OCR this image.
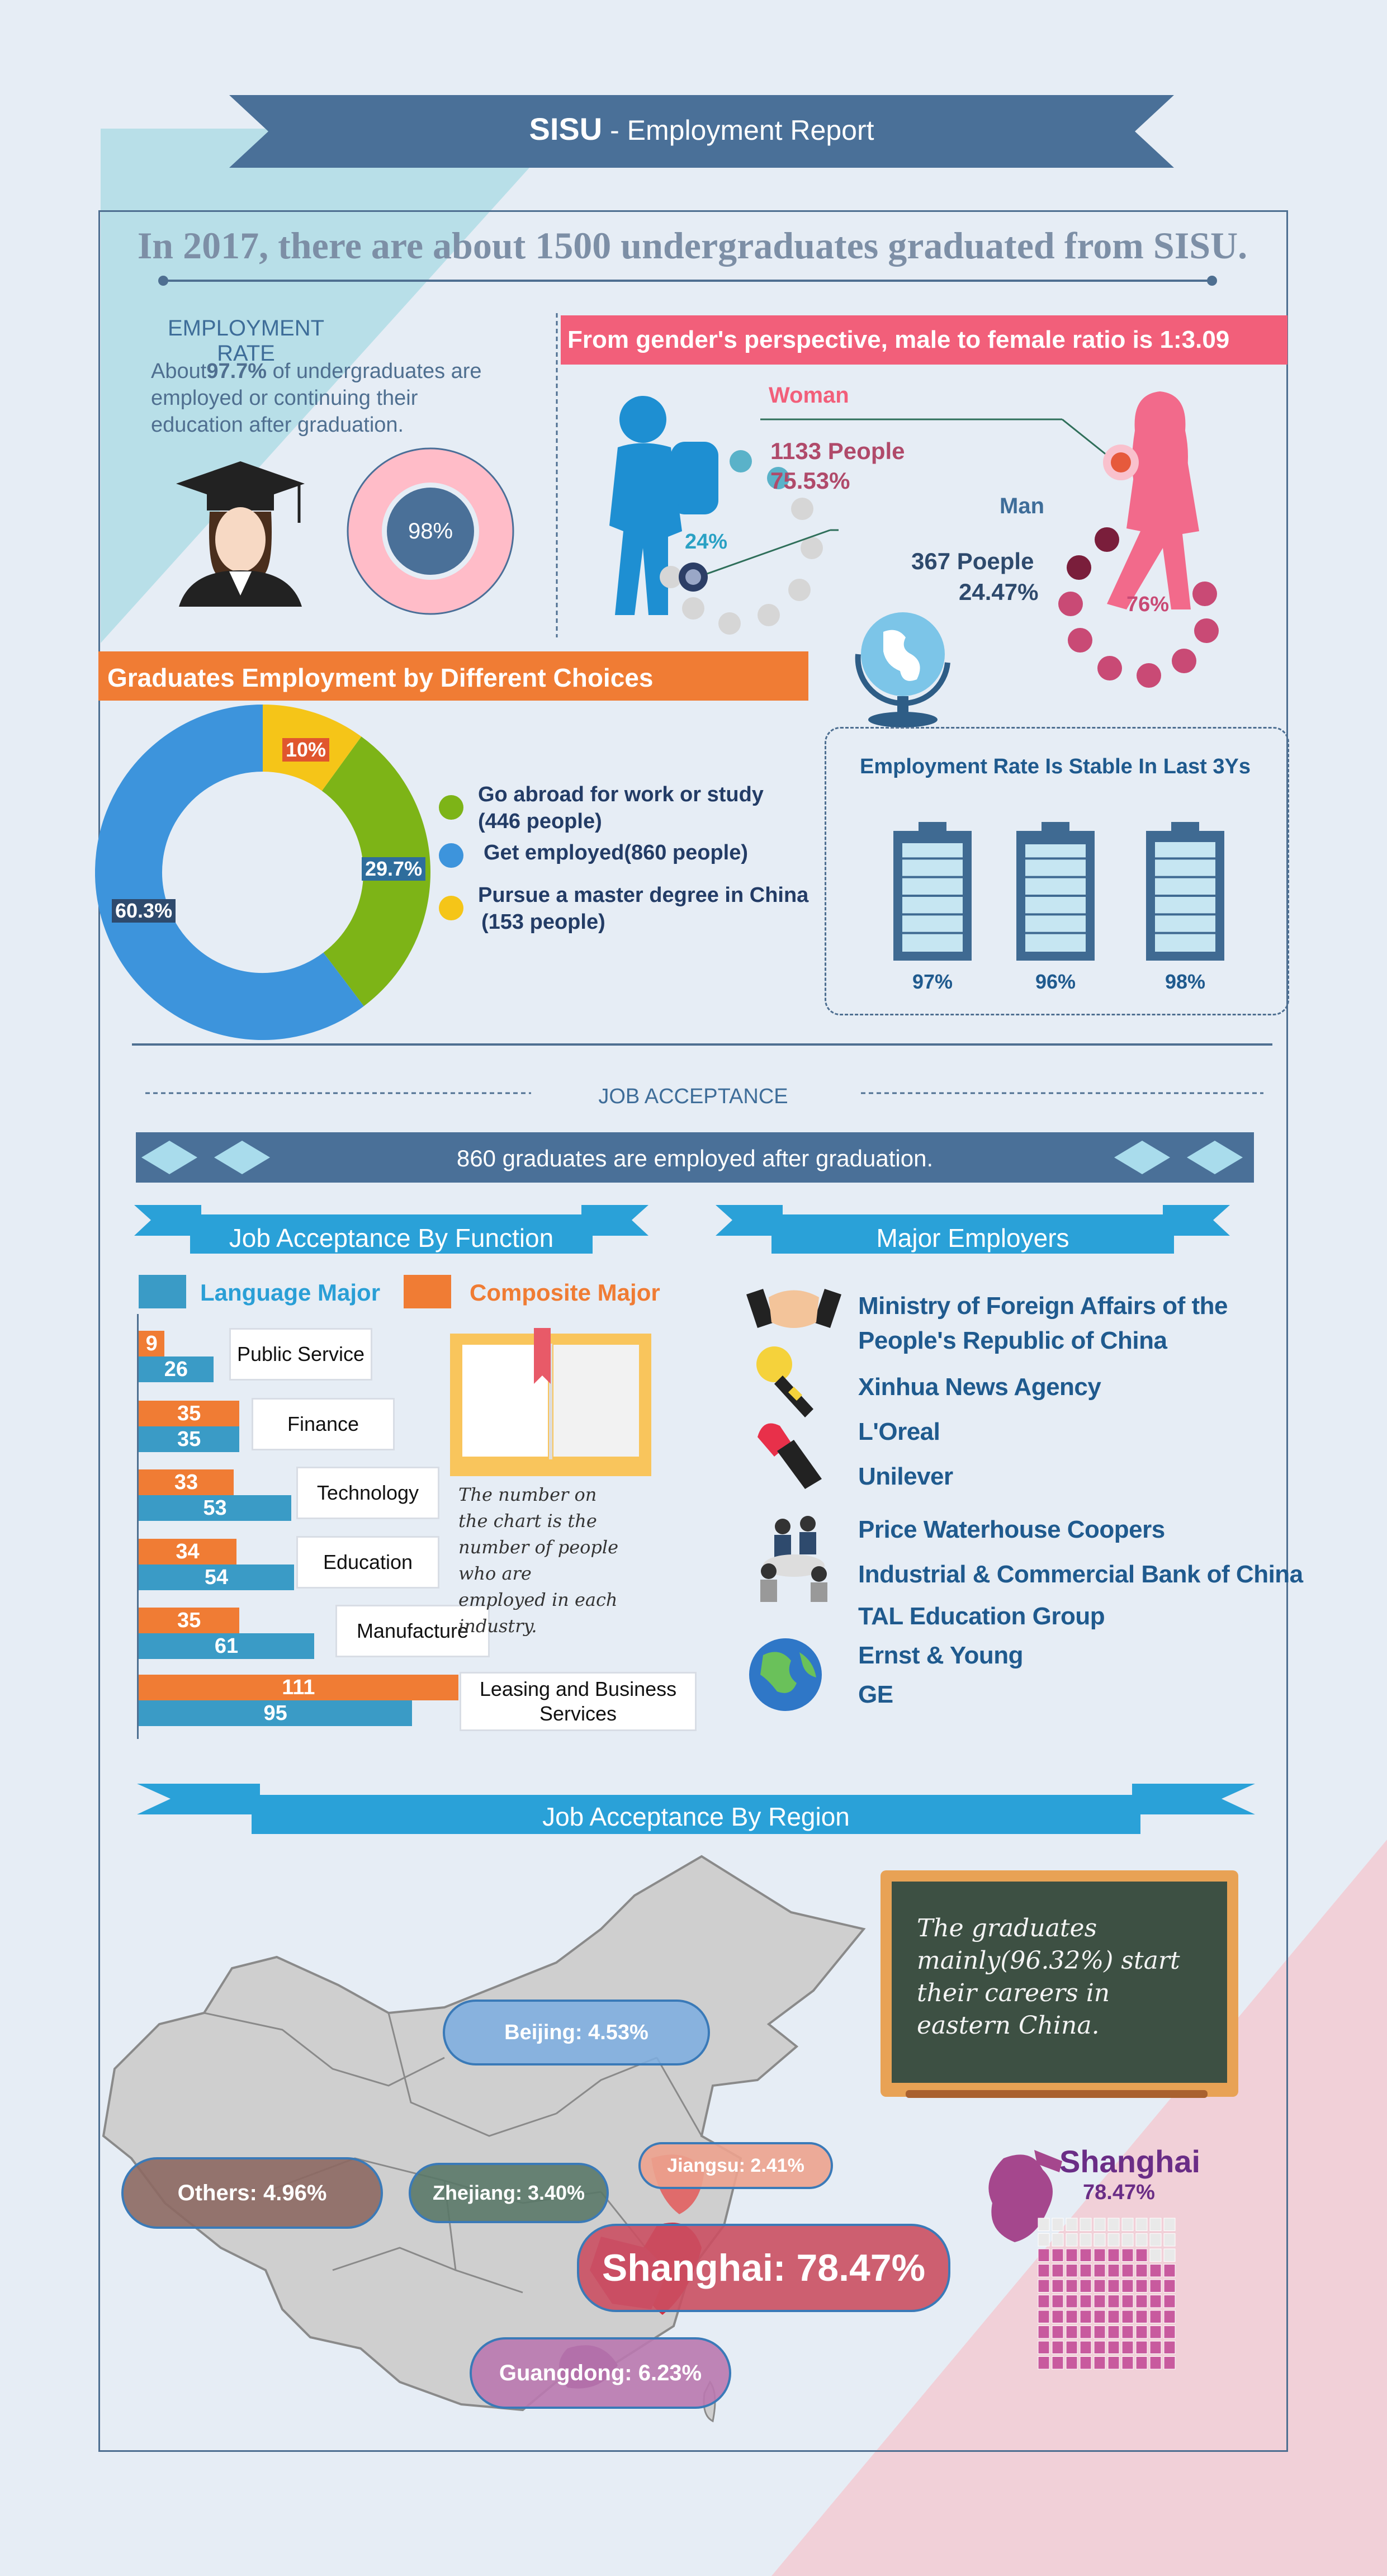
SISU - Employment Report
In 2017, there are about 1500 undergraduates graduated from SISU.
EMPLOYMENT RATE
About97.7% of undergraduates are employed or continuing their education after graduation.
98%
From gender's perspective, male to female ratio is 1:3.09
24%
Woman
1133 People
75.53%
Man
367 Poeple
24.47%	76%
Graduates Employment by Different Choices
29.7%
60.3%
10%
Go abroad for work or study
(446 people)
Get employed(860 people)
Pursue a master degree in China
(153 people)
Employment Rate Is Stable In Last 3Ys
97%	96%	98%
JOB ACCEPTANCE
860 graduates are employed after graduation.
Job Acceptance By Function	Major Employers
Language Major	Composite Major
9
26
Public Service
35
35
Finance
33
53
Technology
34
54
Education
35
61
Manufacture
111
95
Leasing and Business Services
The number on the chart is the number of people who are employed in each industry.
Ministry of Foreign Affairs of the
People's Republic of China
Xinhua News Agency
L'Oreal
Unilever
Price Waterhouse Coopers
Industrial & Commercial Bank of China
TAL Education Group
Ernst & Young
GE
Job Acceptance By Region
Beijing: 4.53%
Others: 4.96%	Zhejiang: 3.40%
Jiangsu: 2.41%
Shanghai: 78.47%
Guangdong: 6.23%
The graduates mainly(96.32%) start their careers in eastern China.
Shanghai
78.47%
